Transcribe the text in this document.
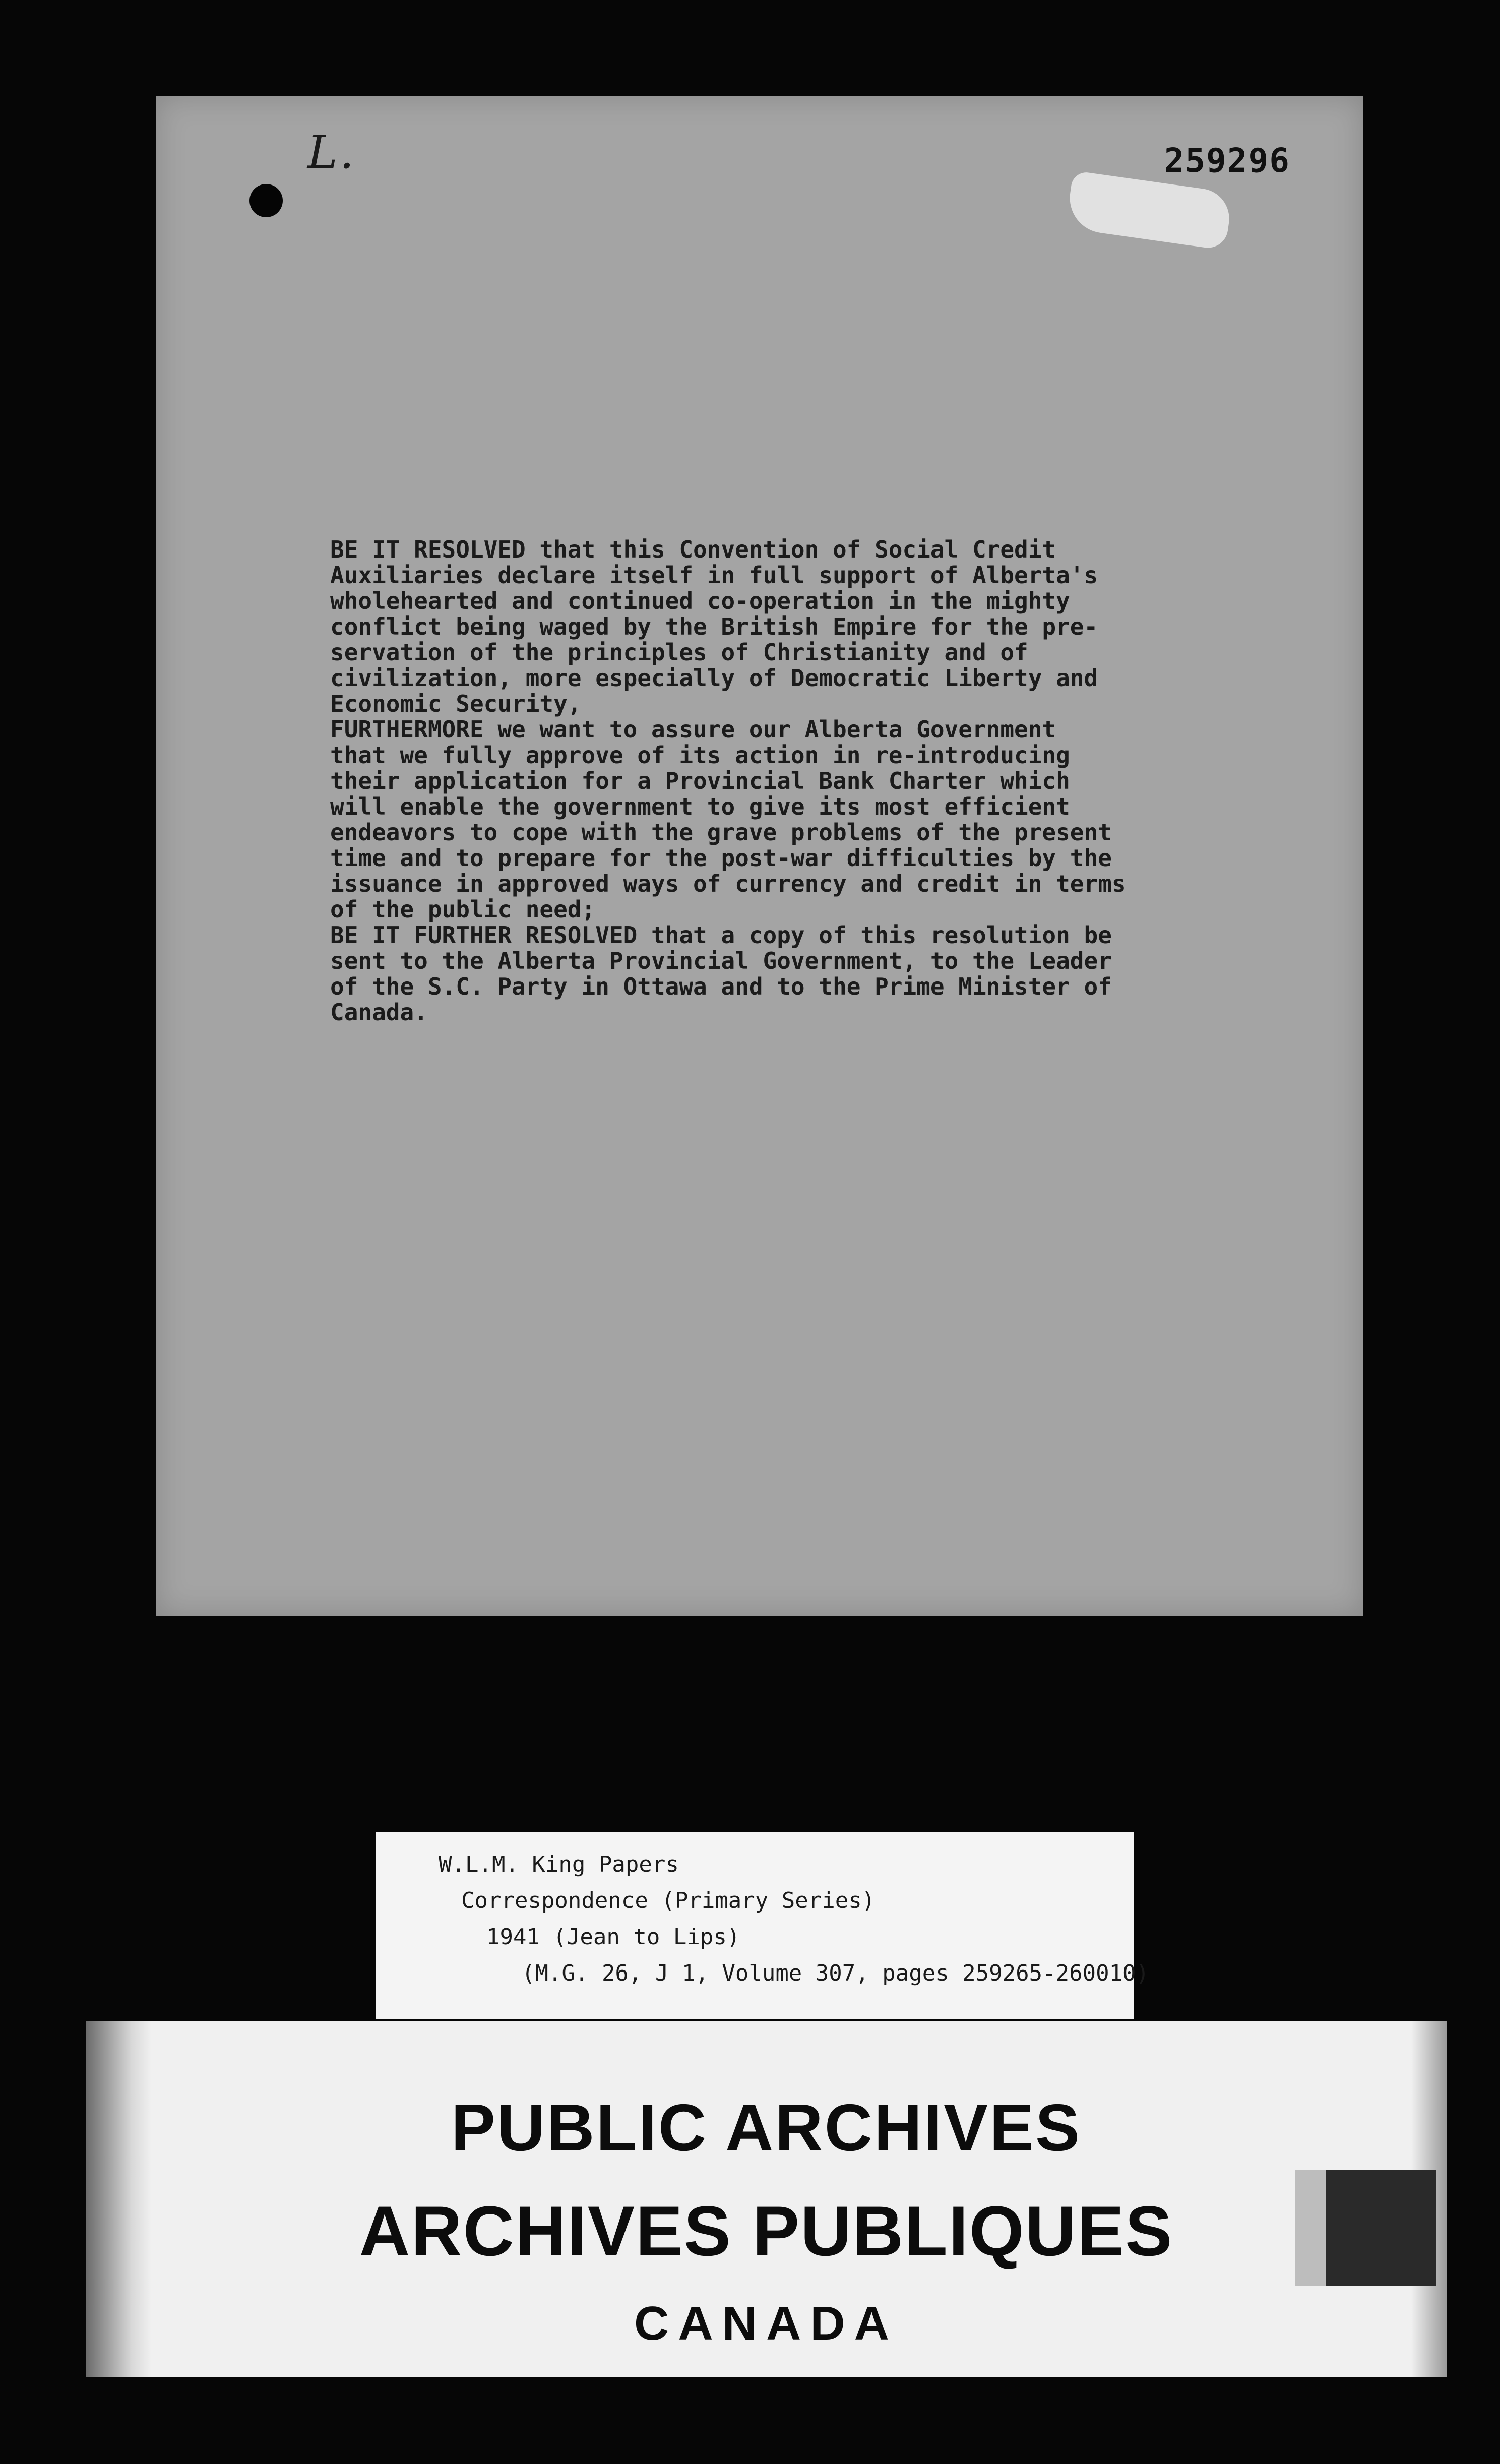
L.	259296
BE IT RESOLVED that this Convention of Social Credit
Auxiliaries declare itself in full support of Alberta's
wholehearted and continued co-operation in the mighty
conflict being waged by the British Empire for the pre-
servation of the principles of Christianity and of
civilization, more especially of Democratic Liberty and
Economic Security,
FURTHERMORE we want to assure our Alberta Government
that we fully approve of its action in re-introducing
their application for a Provincial Bank Charter which
will enable the government to give its most efficient
endeavors to cope with the grave problems of the present
time and to prepare for the post-war difficulties by the
issuance in approved ways of currency and credit in terms
of the public need;
BE IT FURTHER RESOLVED that a copy of this resolution be
sent to the Alberta Provincial Government, to the Leader
of the S.C. Party in Ottawa and to the Prime Minister of
Canada.
W.L.M. King Papers
Correspondence (Primary Series)
1941 (Jean to Lips)
(M.G. 26, J 1, Volume 307, pages 259265-260010)
PUBLIC ARCHIVES
ARCHIVES PUBLIQUES
CANADA
